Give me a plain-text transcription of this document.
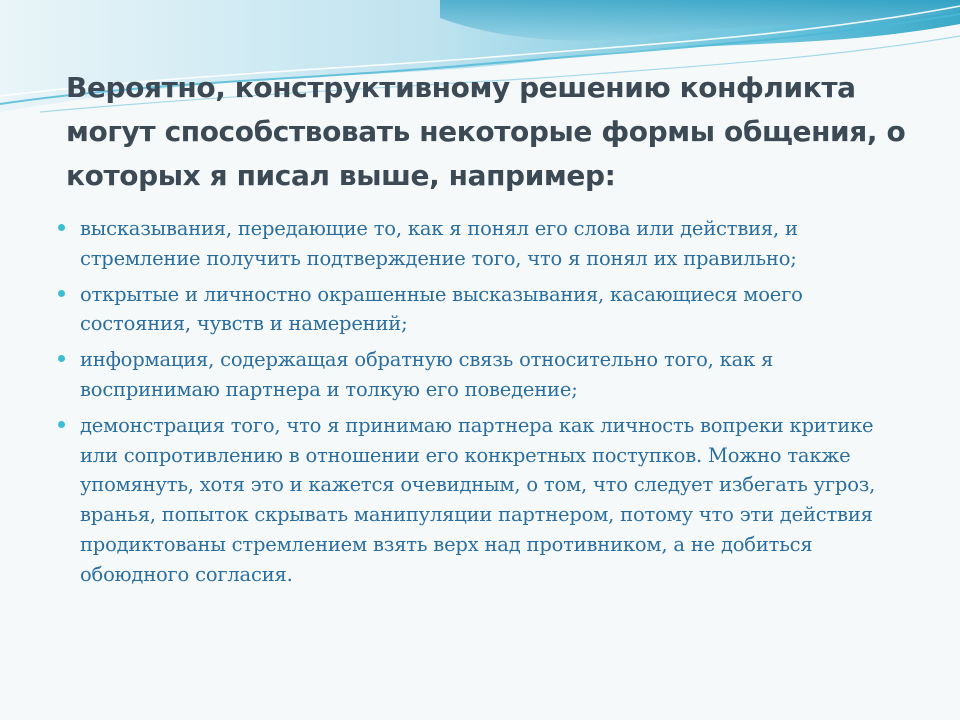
Вероятно, конструктивному решению конфликта могут способствовать некоторые формы общения, о которых я писал выше, например:
высказывания, передающие то, как я понял его слова или действия, и стремление получить подтверждение того, что я понял их правильно;
открытые и личностно окрашенные высказывания, касающиеся моего состояния, чувств и намерений;
информация, содержащая обратную связь относительно того, как я воспринимаю партнера и толкую его поведение;
демонстрация того, что я принимаю партнера как личность вопреки критике или сопротивлению в отношении его конкретных поступков. Можно также упомянуть, хотя это и кажется очевидным, о том, что следует избегать угроз, вранья, попыток скрывать манипуляции партнером, потому что эти действия продиктованы стремлением взять верх над противником, а не добиться обоюдного согласия.
